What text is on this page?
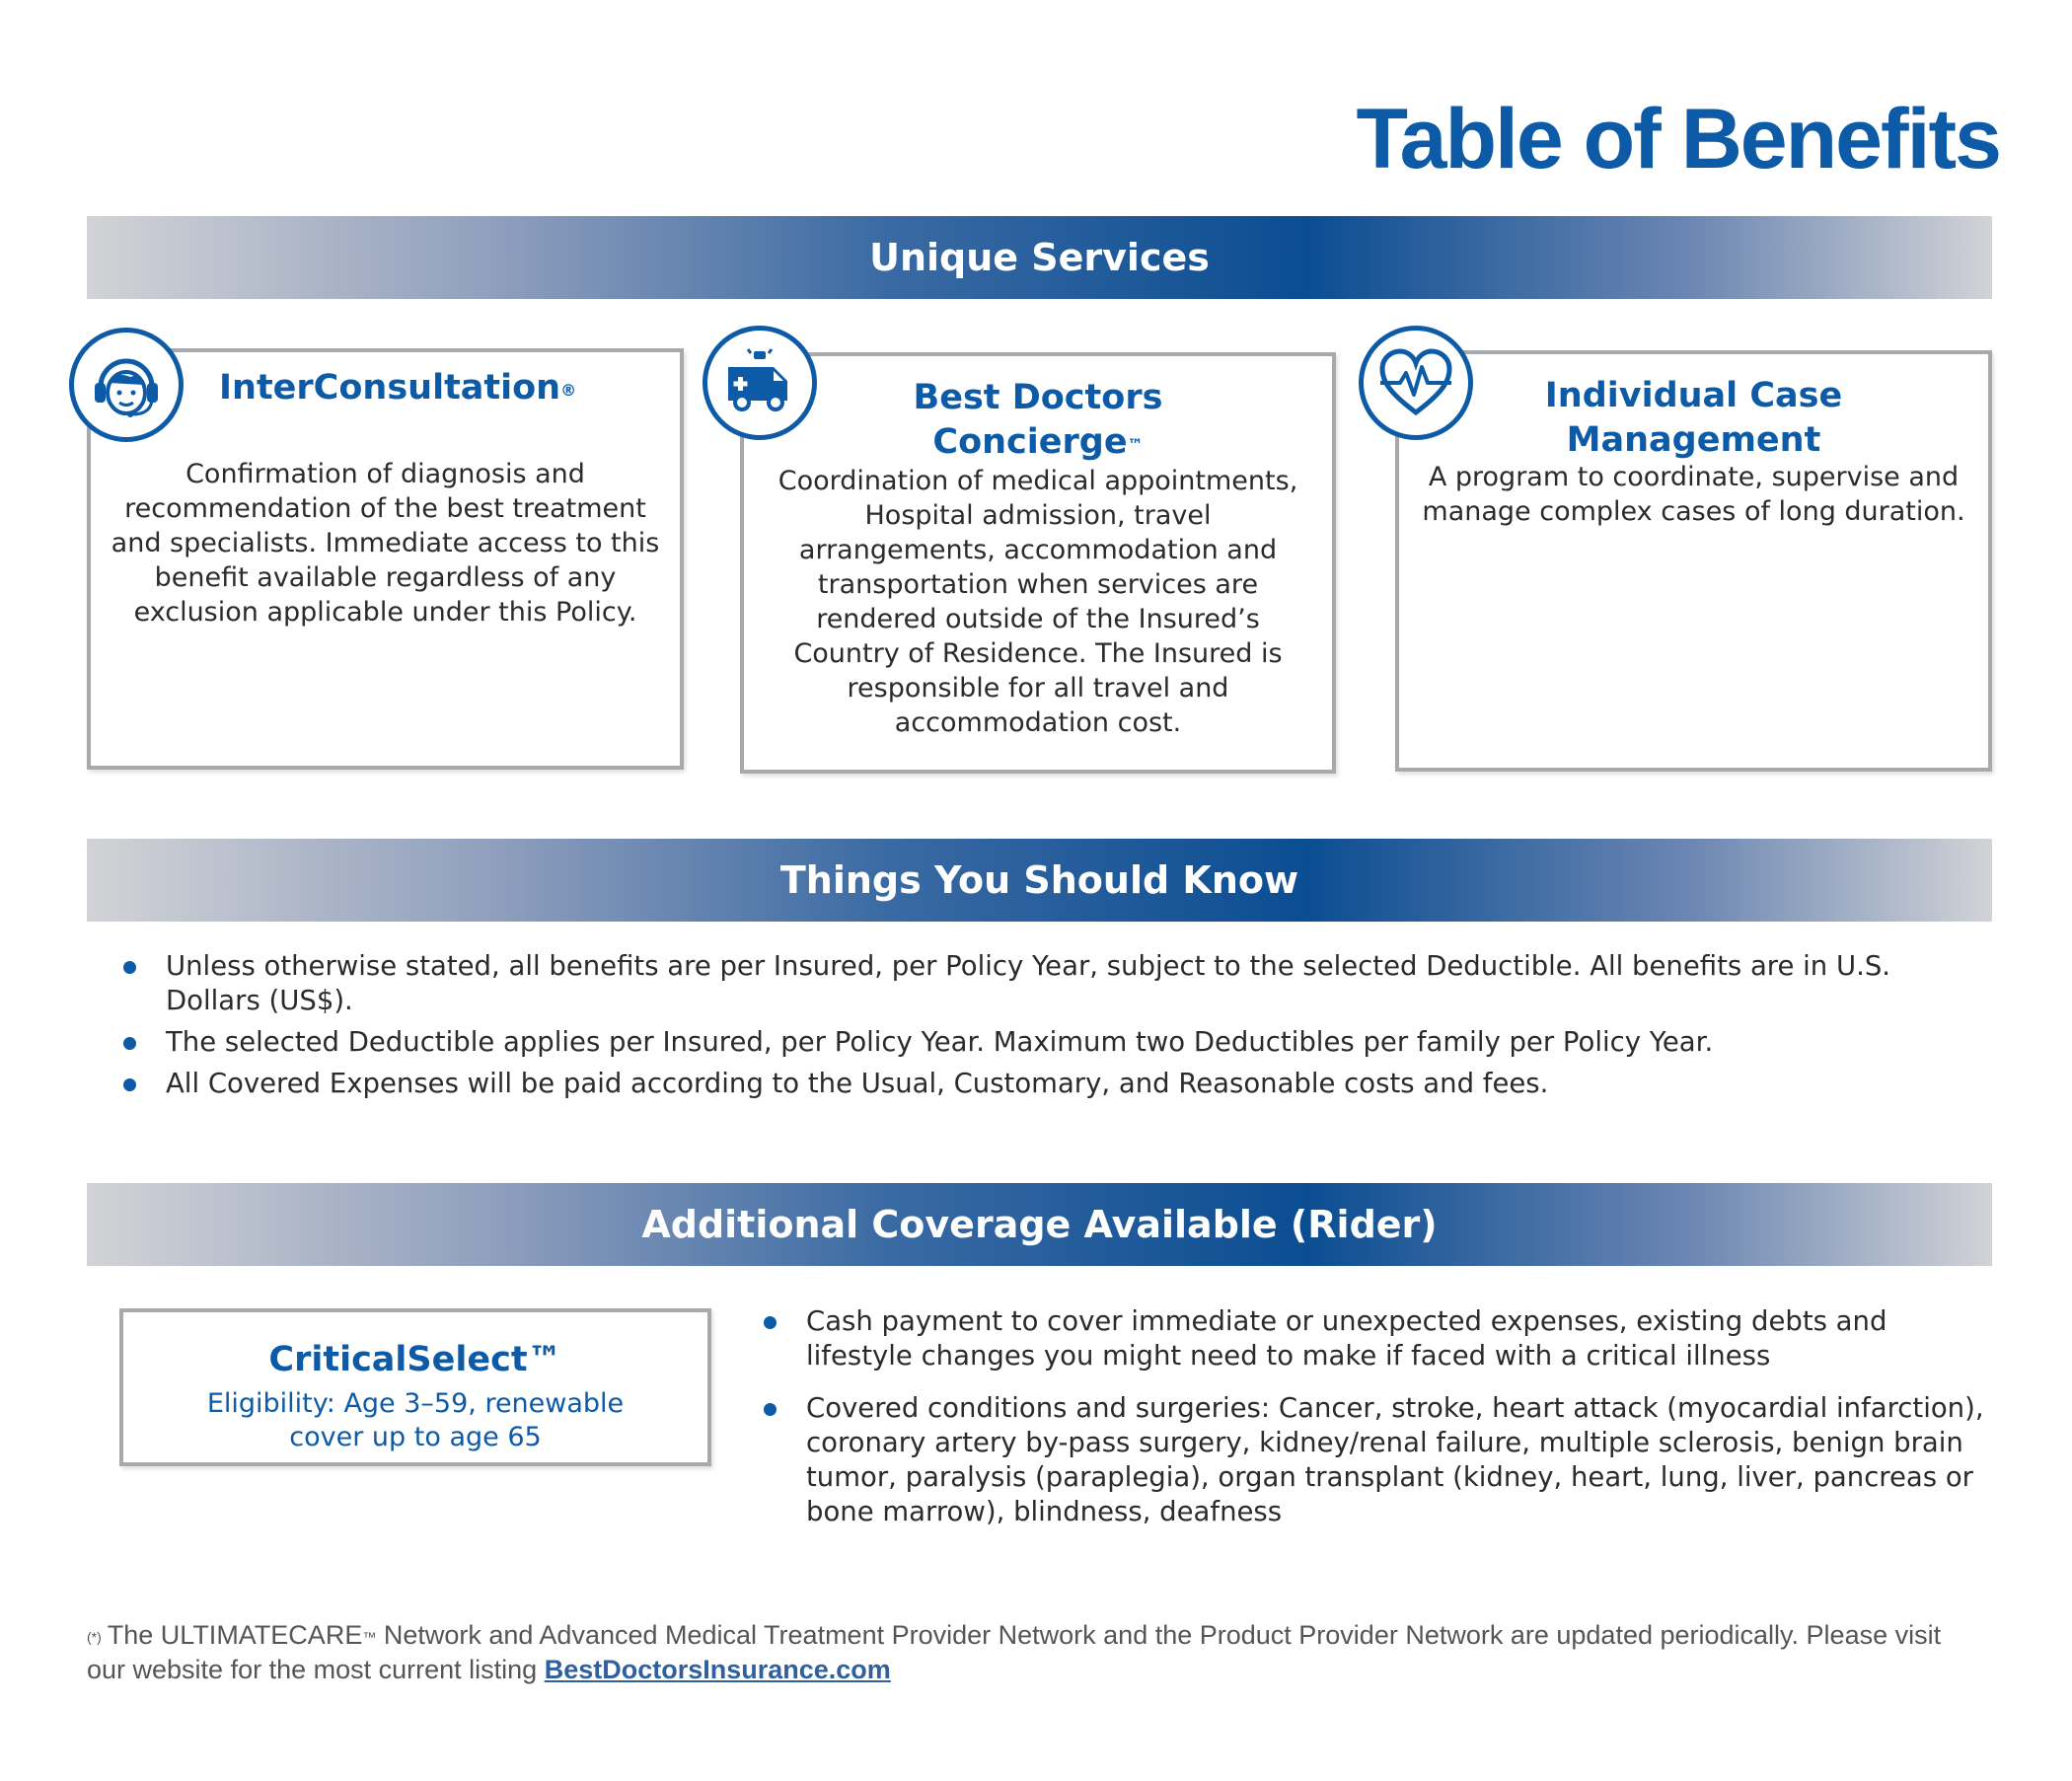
Table of Benefits
Unique Services
InterConsultation®
Confirmation of diagnosis and recommendation of the best treatment and specialists. Immediate access to this benefit available regardless of any exclusion applicable under this Policy.
Best Doctors
Concierge™
Coordination of medical appointments, Hospital admission, travel arrangements, accommodation and transportation when services are rendered outside of the Insured’s Country of Residence. The Insured is responsible for all travel and accommodation cost.
Individual Case
Management
A program to coordinate, supervise and manage complex cases of long duration.
Things You Should Know
Unless otherwise stated, all benefits are per Insured, per Policy Year, subject to the selected Deductible. All benefits are in U.S. Dollars (US$).
The selected Deductible applies per Insured, per Policy Year. Maximum two Deductibles per family per Policy Year.
All Covered Expenses will be paid according to the Usual, Customary, and Reasonable costs and fees.
Additional Coverage Available (Rider)
CriticalSelect™
Eligibility: Age 3–59, renewable
cover up to age 65
Cash payment to cover immediate or unexpected expenses, existing debts and lifestyle changes you might need to make if faced with a critical illness
Covered conditions and surgeries: Cancer, stroke, heart attack (myocardial infarction), coronary artery by-pass surgery, kidney/renal failure, multiple sclerosis, benign brain tumor, paralysis (paraplegia), organ transplant (kidney, heart, lung, liver, pancreas or bone marrow), blindness, deafness
(*) The ULTIMATECARE™ Network and Advanced Medical Treatment Provider Network and the Product Provider Network are updated periodically. Please visit our website for the most current listing BestDoctorsInsurance.com
